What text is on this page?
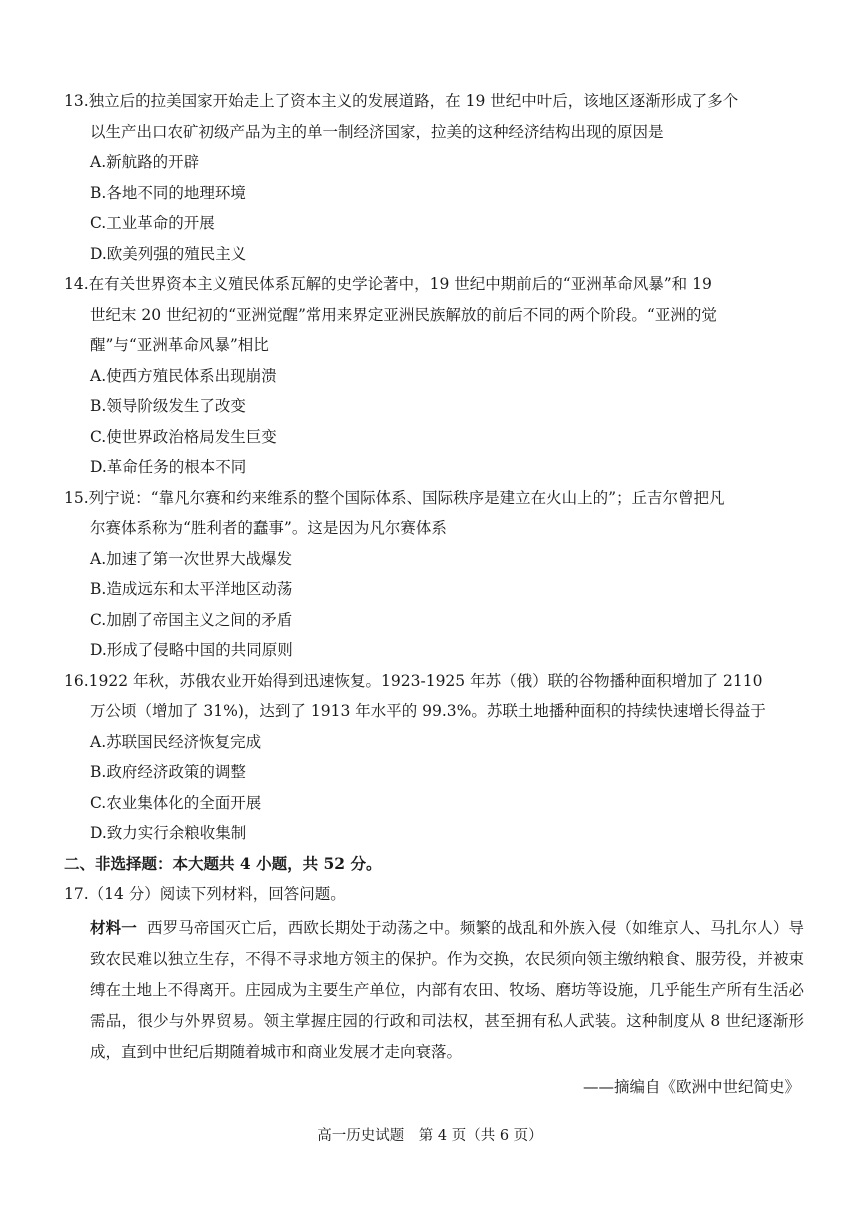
13.独立后的拉美国家开始走上了资本主义的发展道路，在 19 世纪中叶后，该地区逐渐形成了多个
以生产出口农矿初级产品为主的单一制经济国家，拉美的这种经济结构出现的原因是
A.新航路的开辟
B.各地不同的地理环境
C.工业革命的开展
D.欧美列强的殖民主义
14.在有关世界资本主义殖民体系瓦解的史学论著中，19 世纪中期前后的“亚洲革命风暴”和 19
世纪末 20 世纪初的“亚洲觉醒”常用来界定亚洲民族解放的前后不同的两个阶段。“亚洲的觉
醒”与“亚洲革命风暴”相比
A.使西方殖民体系出现崩溃
B.领导阶级发生了改变
C.使世界政治格局发生巨变
D.革命任务的根本不同
15.列宁说：“靠凡尔赛和约来维系的整个国际体系、国际秩序是建立在火山上的”；丘吉尔曾把凡
尔赛体系称为“胜利者的蠢事”。这是因为凡尔赛体系
A.加速了第一次世界大战爆发
B.造成远东和太平洋地区动荡
C.加剧了帝国主义之间的矛盾
D.形成了侵略中国的共同原则
16.1922 年秋，苏俄农业开始得到迅速恢复。1923-1925 年苏（俄）联的谷物播种面积增加了 2110
万公顷（增加了 31%)，达到了 1913 年水平的 99.3%。苏联土地播种面积的持续快速增长得益于
A.苏联国民经济恢复完成
B.政府经济政策的调整
C.农业集体化的全面开展
D.致力实行余粮收集制
二、非选择题：本大题共 4 小题，共 52 分。
17.（14 分）阅读下列材料，回答问题。
材料一 西罗马帝国灭亡后，西欧长期处于动荡之中。频繁的战乱和外族入侵（如维京人、马扎尔人）导致农民难以独立生存，不得不寻求地方领主的保护。作为交换，农民须向领主缴纳粮食、服劳役，并被束缚在土地上不得离开。庄园成为主要生产单位，内部有农田、牧场、磨坊等设施，几乎能生产所有生活必需品，很少与外界贸易。领主掌握庄园的行政和司法权，甚至拥有私人武装。这种制度从 8 世纪逐渐形成，直到中世纪后期随着城市和商业发展才走向衰落。
——摘编自《欧洲中世纪简史》
高一历史试题　第 4 页（共 6 页）
